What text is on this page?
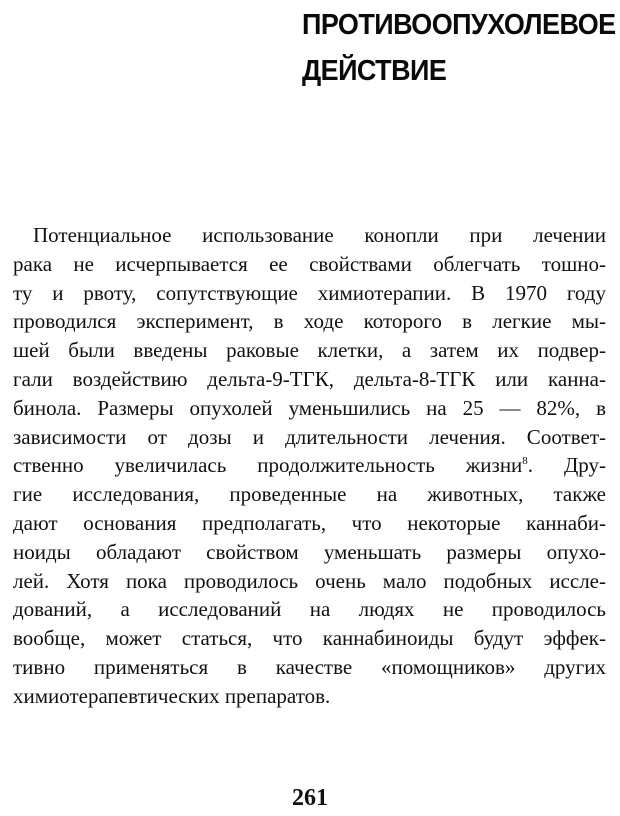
ПРОТИВООПУХОЛЕВОЕ
ДЕЙСТВИЕ
Потенциальное использование конопли при лечении
рака не исчерпывается ее свойствами облегчать тошно-
ту и рвоту, сопутствующие химиотерапии. В 1970 году
проводился эксперимент, в ходе которого в легкие мы-
шей были введены раковые клетки, а затем их подвер-
гали воздействию дельта-9-ТГК, дельта-8-ТГК или канна-
бинола. Размеры опухолей уменьшились на 25 — 82%, в
зависимости от дозы и длительности лечения. Соответ-
ственно увеличилась продолжительность жизни$^8$. Дру-
гие исследования, проведенные на животных, также
дают основания предполагать, что некоторые каннаби-
ноиды обладают свойством уменьшать размеры опухо-
лей. Хотя пока проводилось очень мало подобных иссле-
дований, а исследований на людях не проводилось
вообще, может статься, что каннабиноиды будут эффек-
тивно применяться в качестве «помощников» других
химиотерапевтических препаратов.
261
